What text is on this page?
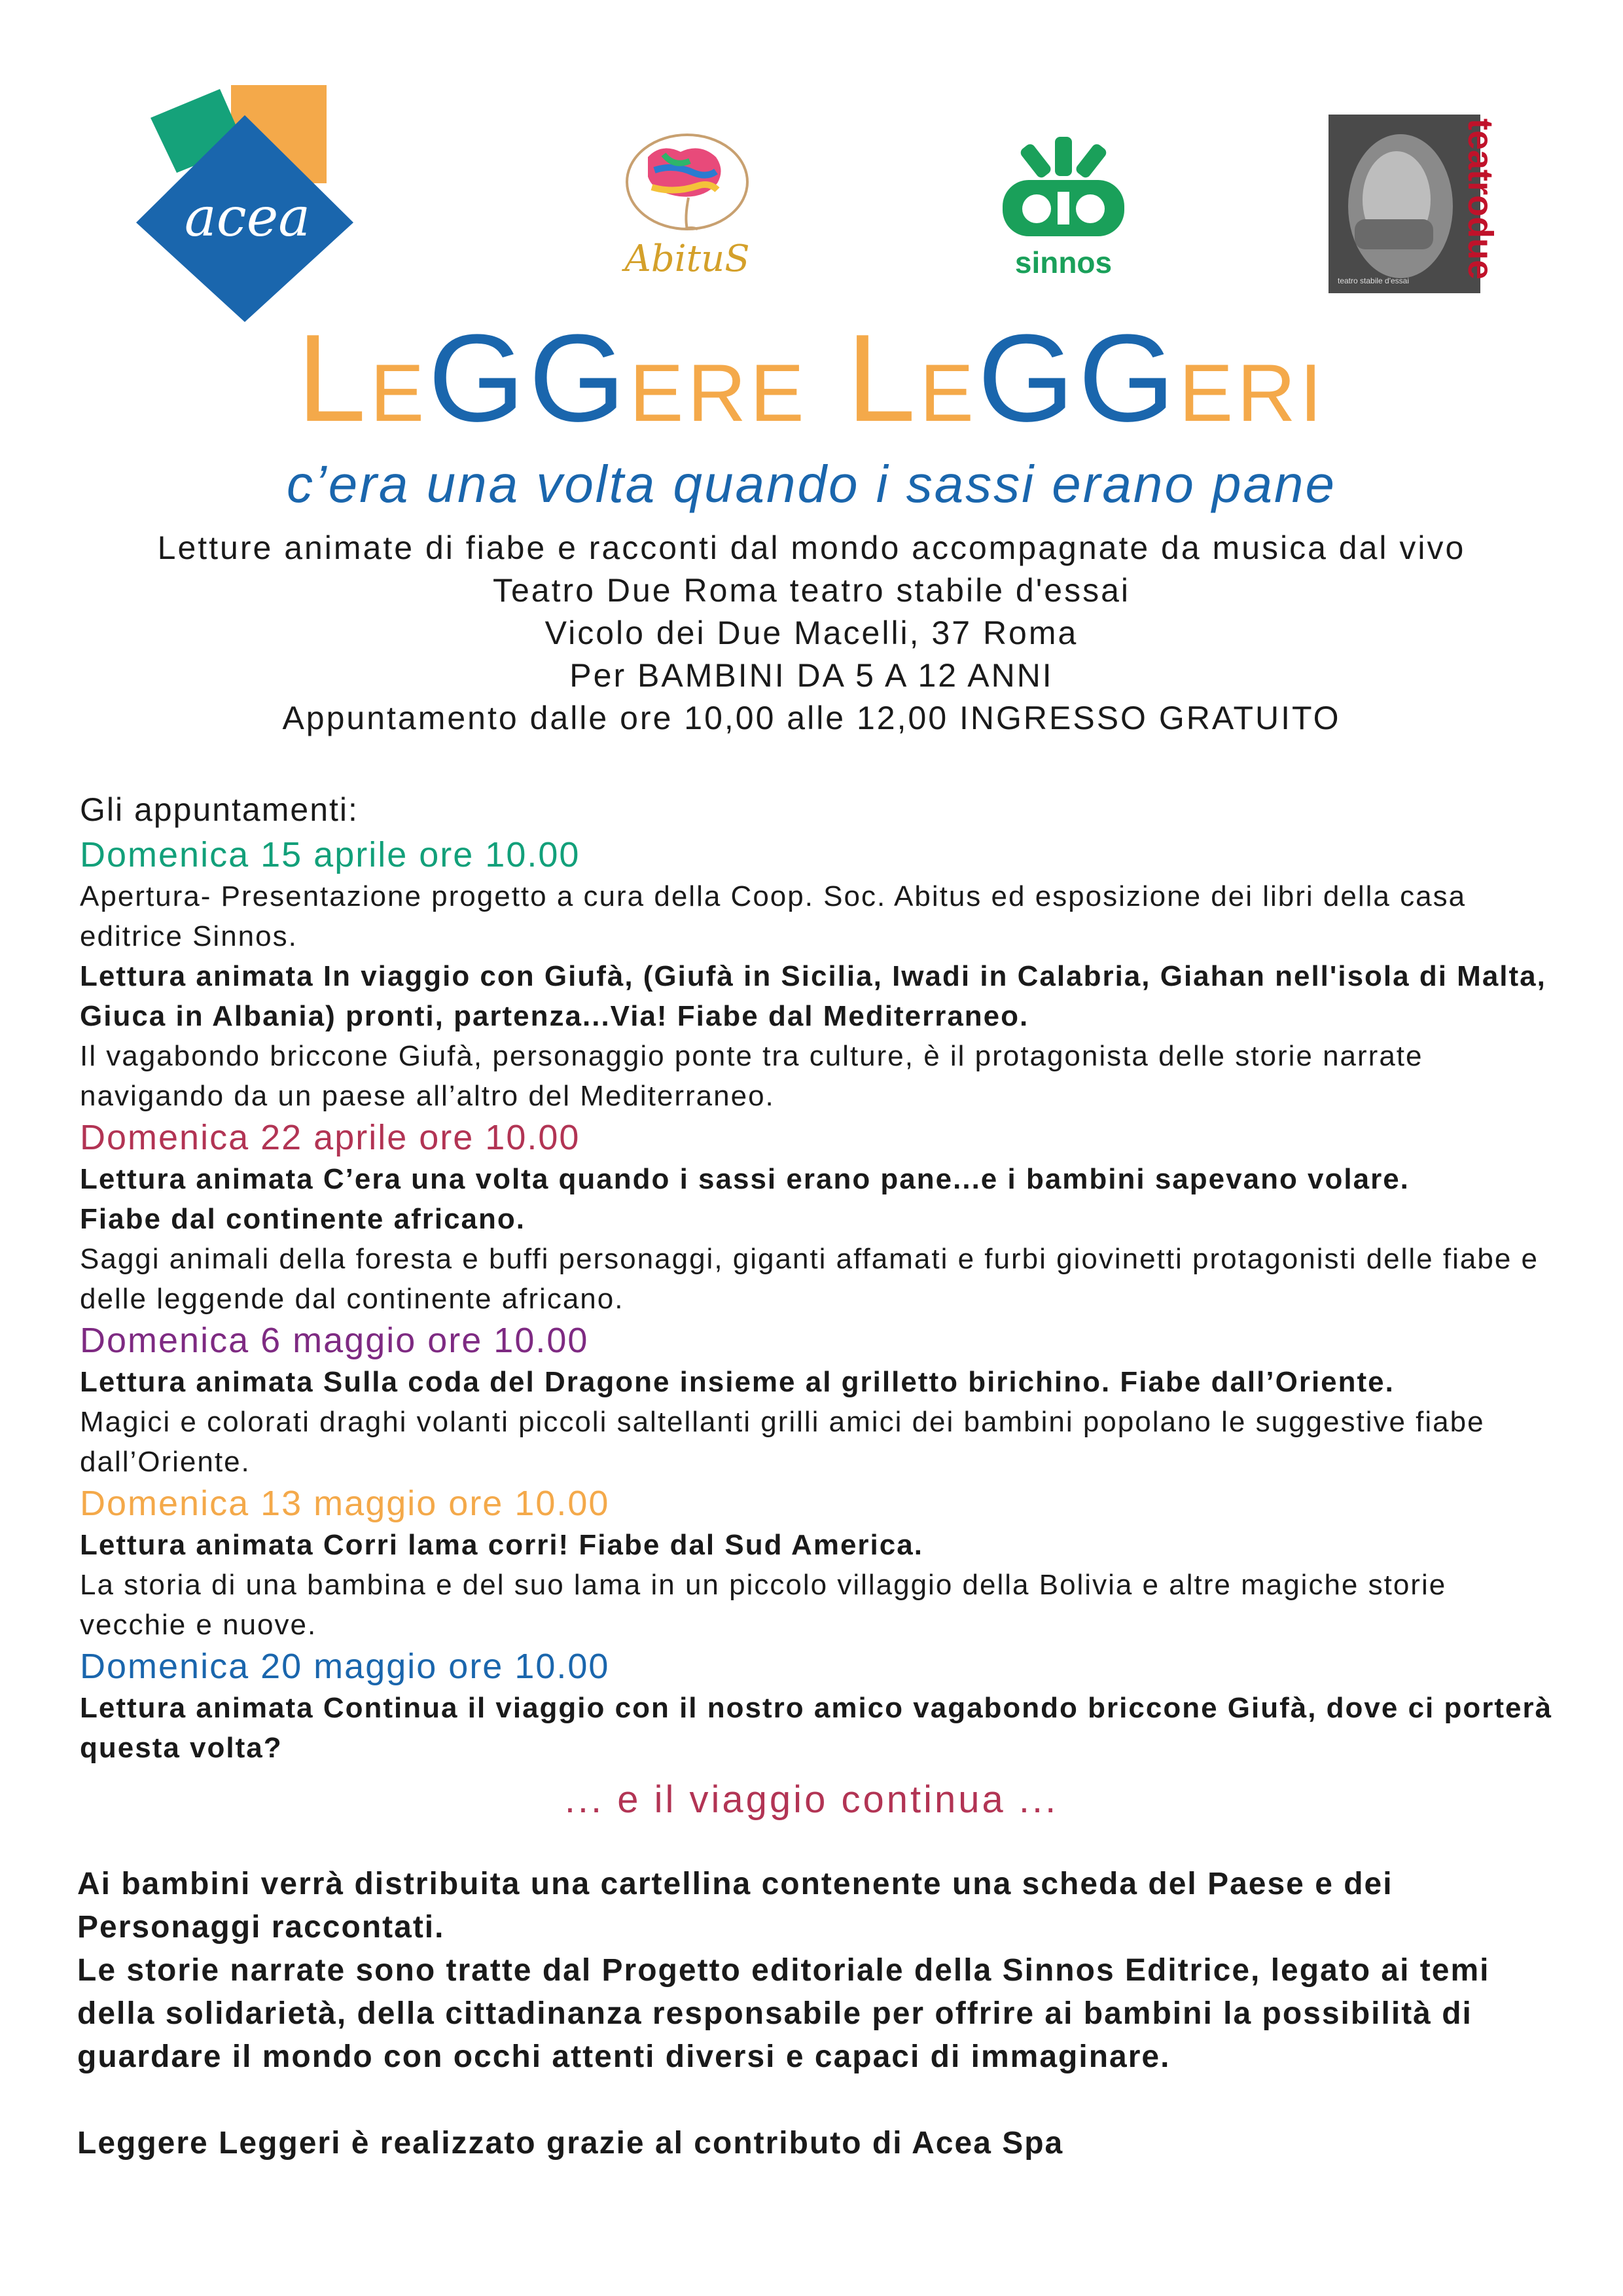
acea
AbituS	sinnos	teatrodue
teatro stabile d'essai
LEGGERE LEGGERI
c’era una volta quando i sassi erano pane
Letture animate di fiabe e racconti dal mondo accompagnate da musica dal vivo
Teatro Due Roma teatro stabile d'essai
Vicolo dei Due Macelli, 37 Roma
Per BAMBINI DA 5 A 12 ANNI
Appuntamento dalle ore 10,00 alle 12,00 INGRESSO GRATUITO

Gli appuntamenti:

Domenica 15 aprile ore 10.00

Apertura- Presentazione progetto a cura della Coop. Soc. Abitus ed esposizione dei libri della casa editrice Sinnos.

Lettura animata In viaggio con Giufà, (Giufà in Sicilia, Iwadi in Calabria, Giahan nell'isola di Malta, Giuca in Albania) pronti, partenza...Via! Fiabe dal Mediterraneo.

Il vagabondo briccone Giufà, personaggio ponte tra culture, è il protagonista delle storie narrate navigando da un paese all’altro del Mediterraneo.

Domenica 22 aprile ore 10.00

Lettura animata C’era una volta quando i sassi erano pane...e i bambini sapevano volare. Fiabe dal continente africano.

Saggi animali della foresta e buffi personaggi, giganti affamati e furbi giovinetti protagonisti delle fiabe e delle leggende dal continente africano.

Domenica 6 maggio ore 10.00

Lettura animata Sulla coda del Dragone insieme al grilletto birichino. Fiabe dall’Oriente.

Magici e colorati draghi volanti piccoli saltellanti grilli amici dei bambini popolano le suggestive fiabe dall’Oriente.

Domenica 13 maggio ore 10.00

Lettura animata Corri lama corri! Fiabe dal Sud America.

La storia di una bambina e del suo lama in un piccolo villaggio della Bolivia e altre magiche storie vecchie e nuove.

Domenica 20 maggio ore 10.00

Lettura animata Continua il viaggio con il nostro amico vagabondo briccone Giufà, dove ci porterà questa volta?

... e il viaggio continua ...

Ai bambini verrà distribuita una cartellina contenente una scheda del Paese e dei Personaggi raccontati.

Le storie narrate sono tratte dal Progetto editoriale della Sinnos Editrice, legato ai temi della solidarietà, della cittadinanza responsabile per offrire ai bambini la possibilità di guardare il mondo con occhi attenti diversi e capaci di immaginare.

Leggere Leggeri è realizzato grazie al contributo di Acea Spa
